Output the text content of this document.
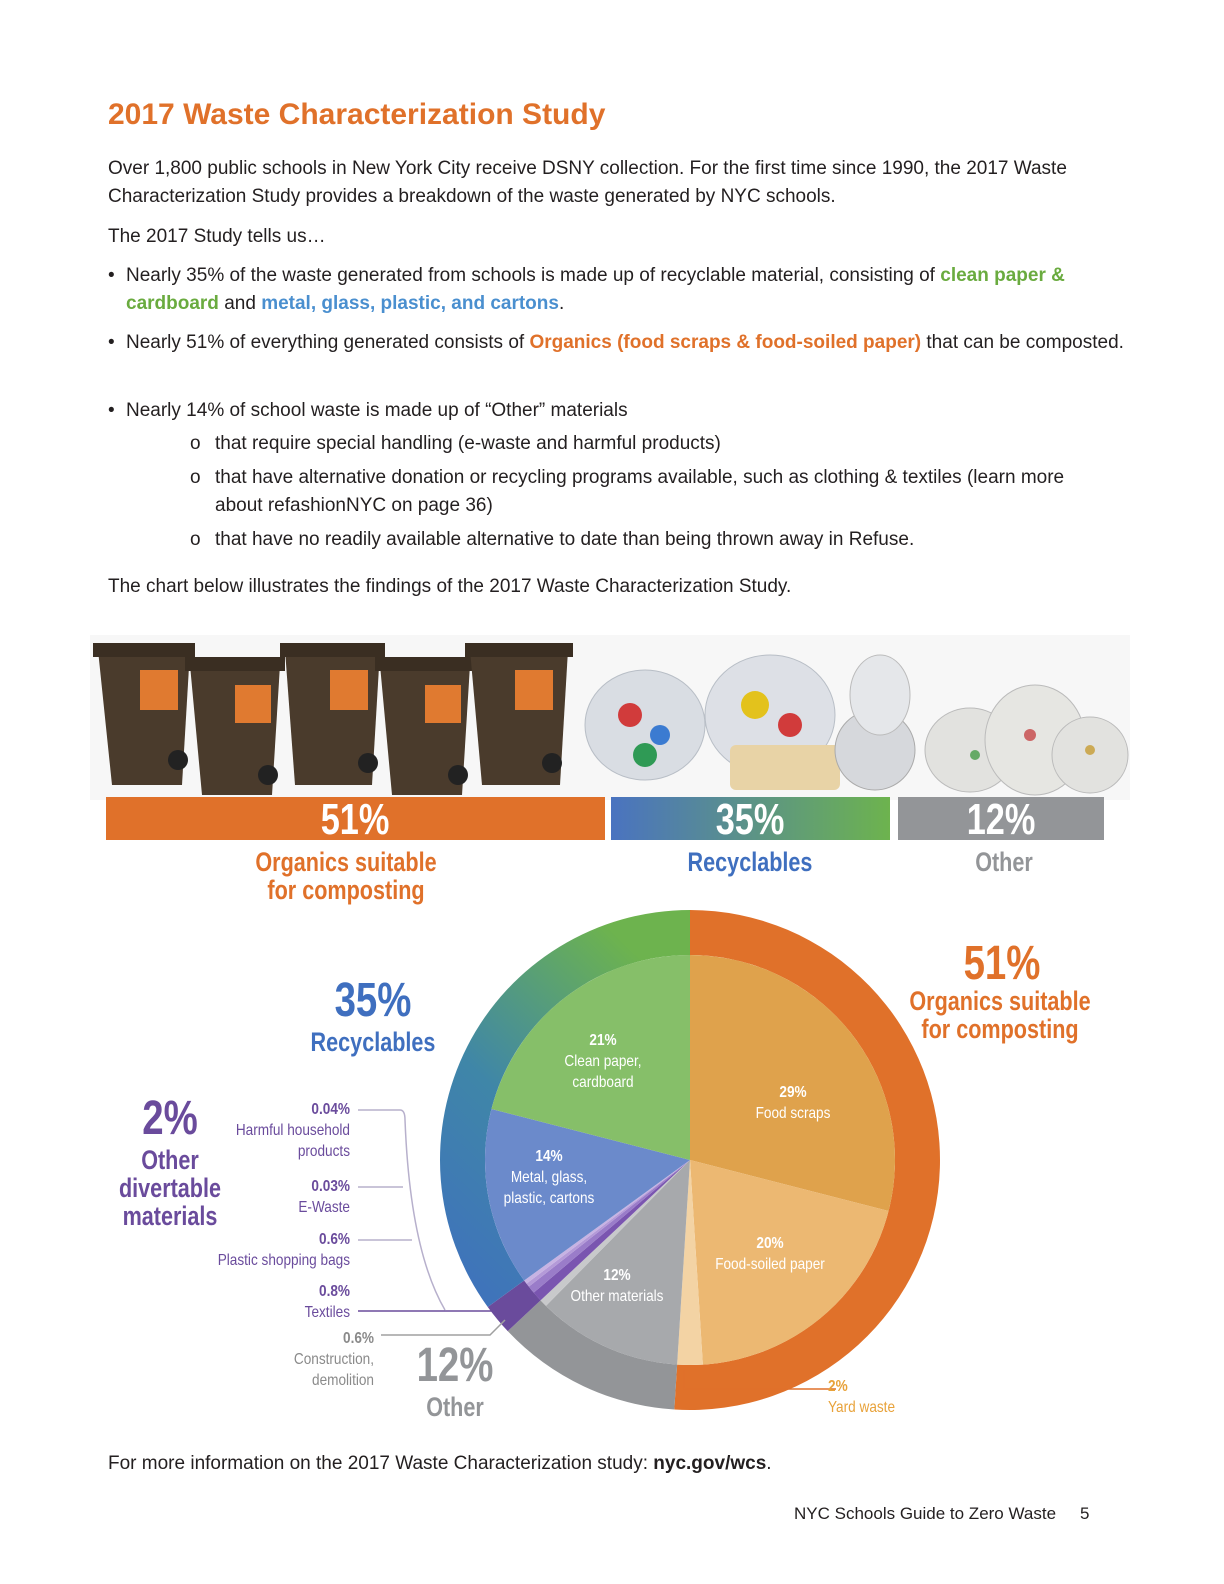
2017 Waste Characterization Study
Over 1,800 public schools in New York City receive DSNY collection. For the first time since 1990, the 2017 Waste Characterization Study provides a breakdown of the waste generated by NYC schools.
The 2017 Study tells us…
• Nearly 35% of the waste generated from schools is made up of recyclable material, consisting of clean paper & cardboard and metal, glass, plastic, and cartons.
• Nearly 51% of everything generated consists of Organics (food scraps & food-soiled paper) that can be composted.
• Nearly 14% of school waste is made up of “Other” materials
o that require special handling (e-waste and harmful products)
o that have alternative donation or recycling programs available, such as clothing & textiles (learn more about refashionNYC on page 36)
o that have no readily available alternative to date than being thrown away in Refuse.
The chart below illustrates the findings of the 2017 Waste Characterization Study.
51%	35%	12%
Organics suitable for composting
Recyclables	Other
51%
Organics suitable for composting
35%
Recyclables
2%
Other divertable materials
12%
Other
0.04%
Harmful household products
0.03%
E-Waste
0.6%
Plastic shopping bags
0.8%
Textiles
0.6%
Construction, demolition	2%
Yard waste
21%
Clean paper, cardboard
29%
Food scraps
14%
Metal, glass, plastic, cartons
20%
Food-soiled paper
12%
Other materials
For more information on the 2017 Waste Characterization study: nyc.gov/wcs.
NYC Schools Guide to Zero Waste 5
